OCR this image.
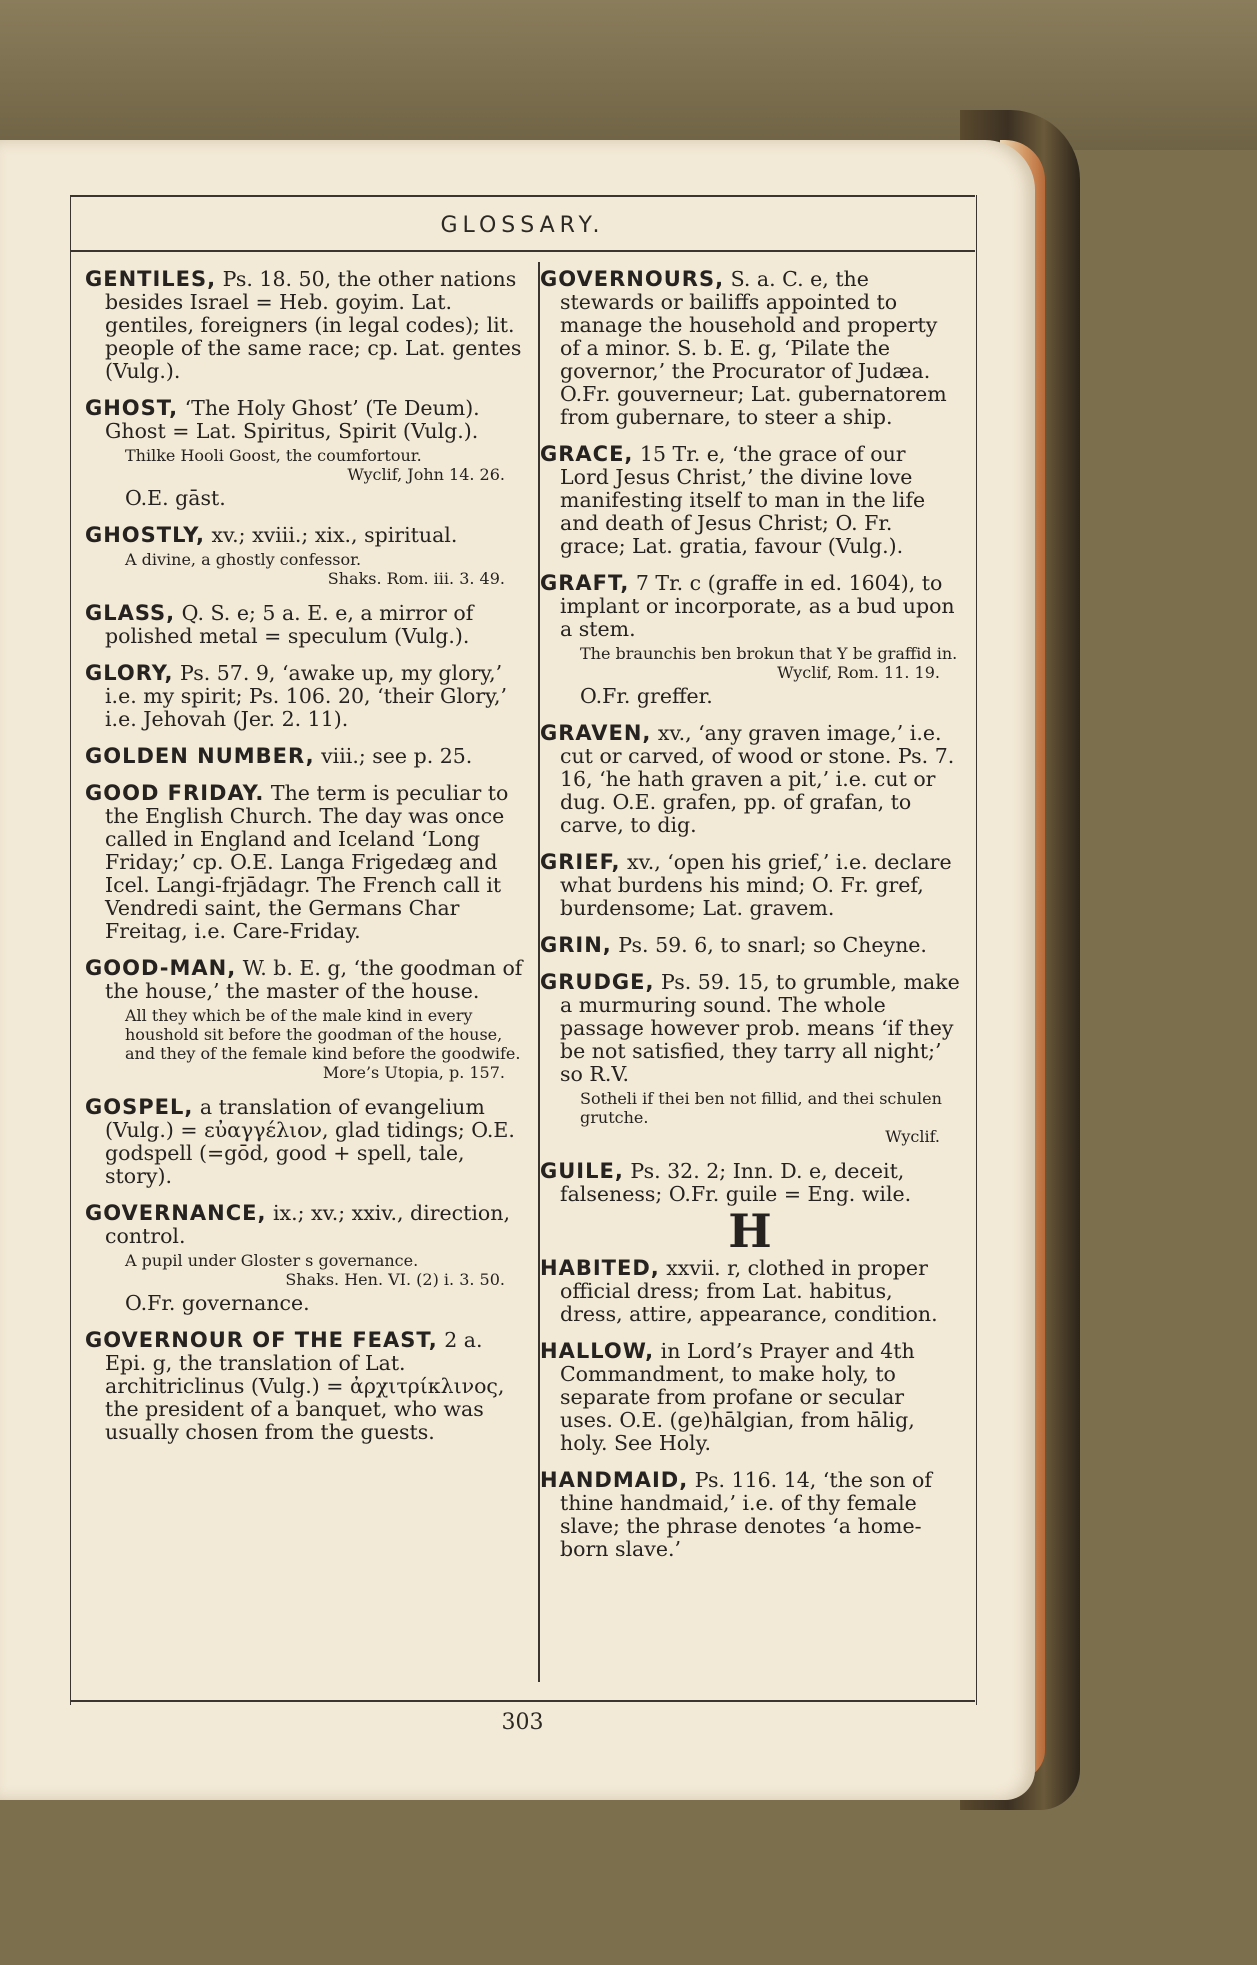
GLOSSARY.
GENTILES, Ps. 18. 50, the other nations besides Israel = Heb. goyim. Lat. gentiles, foreigners (in legal codes); lit. people of the same race; cp. Lat. gentes (Vulg.).
GHOST, ‘The Holy Ghost’ (Te Deum). Ghost = Lat. Spiritus, Spirit (Vulg.).
Thilke Hooli Goost, the coumfortour.
Wyclif, John 14. 26.
O.E. gāst.
GHOSTLY, xv.; xviii.; xix., spiritual.
A divine, a ghostly confessor.
Shaks. Rom. iii. 3. 49.
GLASS, Q. S. e; 5 a. E. e, a mirror of polished metal = speculum (Vulg.).
GLORY, Ps. 57. 9, ‘awake up, my glory,’ i.e. my spirit; Ps. 106. 20, ‘their Glory,’ i.e. Jehovah (Jer. 2. 11).
GOLDEN NUMBER, viii.; see p. 25.
GOOD FRIDAY. The term is peculiar to the English Church. The day was once called in England and Iceland ‘Long Friday;’ cp. O.E. Langa Frigedæg and Icel. Langi-frjādagr. The French call it Vendredi saint, the Germans Char Freitag, i.e. Care-Friday.
GOOD-MAN, W. b. E. g, ‘the goodman of the house,’ the master of the house.
All they which be of the male kind in every houshold sit before the goodman of the house, and they of the female kind before the goodwife.
More’s Utopia, p. 157.
GOSPEL, a translation of evangelium (Vulg.) = εὐαγγέλιον, glad tidings; O.E. godspell (=gōd, good + spell, tale, story).
GOVERNANCE, ix.; xv.; xxiv., direction, control.
A pupil under Gloster s governance.
Shaks. Hen. VI. (2) i. 3. 50.
O.Fr. governance.
GOVERNOUR OF THE FEAST, 2 a. Epi. g, the translation of Lat. architriclinus (Vulg.) = ἀρχιτρίκλινος, the president of a banquet, who was usually chosen from the guests.
GOVERNOURS, S. a. C. e, the stewards or bailiffs appointed to manage the household and property of a minor. S. b. E. g, ‘Pilate the governor,’ the Procurator of Judæa. O.Fr. gouverneur; Lat. gubernatorem from gubernare, to steer a ship.
GRACE, 15 Tr. e, ‘the grace of our Lord Jesus Christ,’ the divine love manifesting itself to man in the life and death of Jesus Christ; O. Fr. grace; Lat. gratia, favour (Vulg.).
GRAFT, 7 Tr. c (graffe in ed. 1604), to implant or incorporate, as a bud upon a stem.
The braunchis ben brokun that Y be graffid in.
Wyclif, Rom. 11. 19.
O.Fr. greffer.
GRAVEN, xv., ‘any graven image,’ i.e. cut or carved, of wood or stone. Ps. 7. 16, ‘he hath graven a pit,’ i.e. cut or dug. O.E. grafen, pp. of grafan, to carve, to dig.
GRIEF, xv., ‘open his grief,’ i.e. declare what burdens his mind; O. Fr. gref, burdensome; Lat. gravem.
GRIN, Ps. 59. 6, to snarl; so Cheyne.
GRUDGE, Ps. 59. 15, to grumble, make a murmuring sound. The whole passage however prob. means ‘if they be not satisfied, they tarry all night;’ so R.V.
Sotheli if thei ben not fillid, and thei schulen grutche.
Wyclif.
GUILE, Ps. 32. 2; Inn. D. e, deceit, falseness; O.Fr. guile = Eng. wile.
H
HABITED, xxvii. r, clothed in proper official dress; from Lat. habitus, dress, attire, appearance, condition.
HALLOW, in Lord’s Prayer and 4th Commandment, to make holy, to separate from profane or secular uses. O.E. (ge)hālgian, from hālig, holy. See Holy.
HANDMAID, Ps. 116. 14, ‘the son of thine handmaid,’ i.e. of thy female slave; the phrase denotes ‘a home-born slave.’
303
